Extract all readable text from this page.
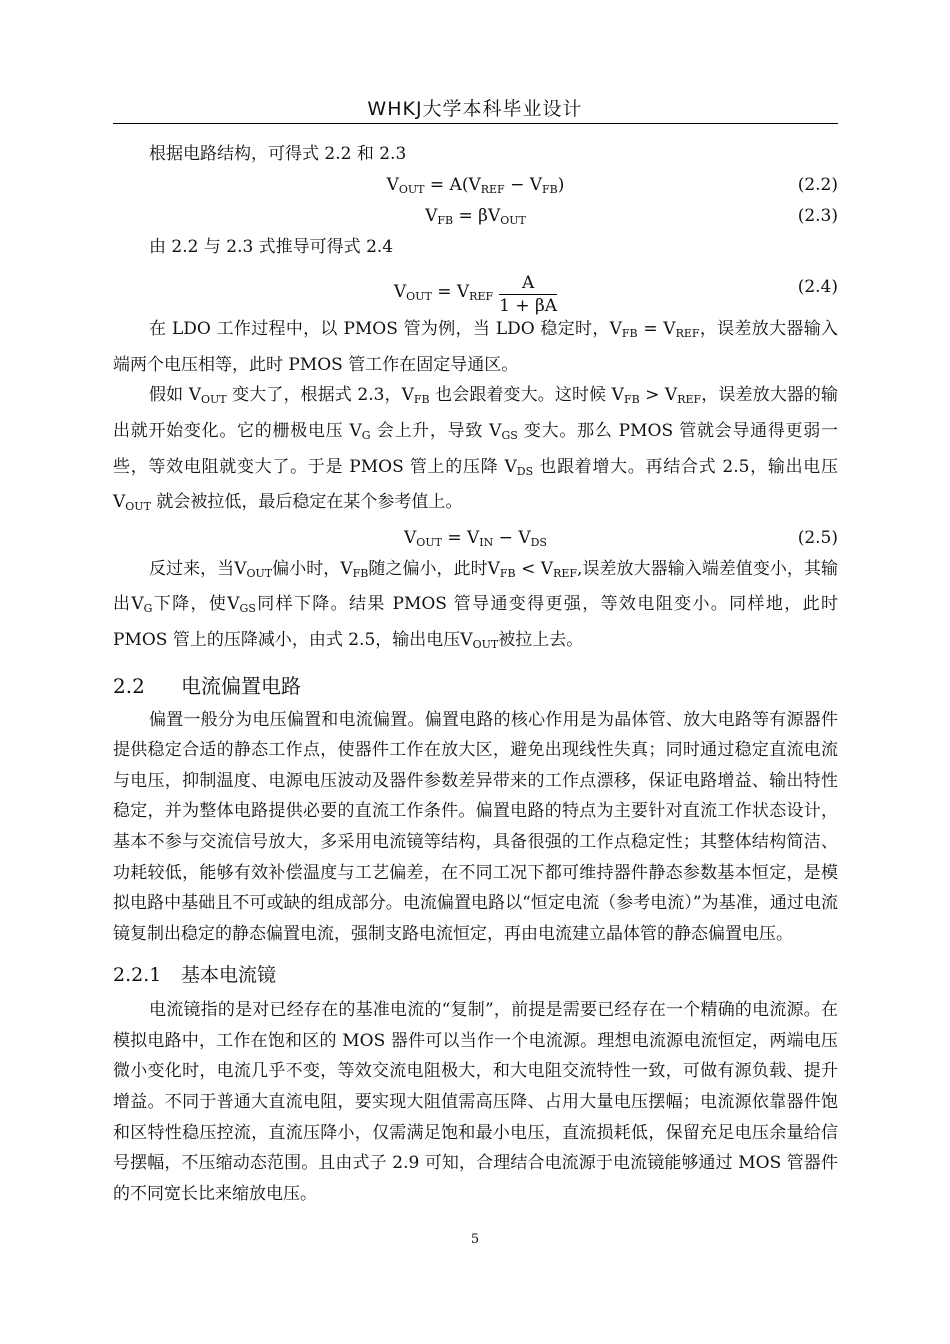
WHKJ大学本科毕业设计

根据电路结构，可得式 2.2 和 2.3

$V_{OUT} = A(V_{REF} - V_{FB})$	(2.2)
$V_{FB} = \beta V_{OUT}$	(2.3)

由 2.2 与 2.3 式推导可得式 2.4

$V_{OUT} = V_{REF} \frac{A}{1 + \beta A}$	(2.4)

在 LDO 工作过程中，以 PMOS 管为例，当 LDO 稳定时，$V_{FB} = V_{REF}$，误差放大器输入端两个电压相等，此时 PMOS 管工作在固定导通区。

假如 $V_{OUT}$ 变大了，根据式 2.3，$V_{FB}$ 也会跟着变大。这时候 $V_{FB} > V_{REF}$，误差放大器的输出就开始变化。它的栅极电压 $V_G$ 会上升，导致 $V_{GS}$ 变大。那么 PMOS 管就会导通得更弱一些，等效电阻就变大了。于是 PMOS 管上的压降 $V_{DS}$ 也跟着增大。再结合式 2.5，输出电压 $V_{OUT}$ 就会被拉低，最后稳定在某个参考值上。

$V_{OUT} = V_{IN} - V_{DS}$	(2.5)

反过来，当$V_{OUT}$偏小时，$V_{FB}$随之偏小，此时$V_{FB} < V_{REF}$,误差放大器输入端差值变小，其输出$V_G$下降，使$V_{GS}$同样下降。结果 PMOS 管导通变得更强，等效电阻变小。同样地，此时 PMOS 管上的压降减小，由式 2.5，输出电压$V_{OUT}$被拉上去。

2.2 电流偏置电路

偏置一般分为电压偏置和电流偏置。偏置电路的核心作用是为晶体管、放大电路等有源器件提供稳定合适的静态工作点，使器件工作在放大区，避免出现线性失真；同时通过稳定直流电流与电压，抑制温度、电源电压波动及器件参数差异带来的工作点漂移，保证电路增益、输出特性稳定，并为整体电路提供必要的直流工作条件。偏置电路的特点为主要针对直流工作状态设计，基本不参与交流信号放大，多采用电流镜等结构，具备很强的工作点稳定性；其整体结构简洁、功耗较低，能够有效补偿温度与工艺偏差，在不同工况下都可维持器件静态参数基本恒定，是模拟电路中基础且不可或缺的组成部分。电流偏置电路以“恒定电流（参考电流）”为基准，通过电流镜复制出稳定的静态偏置电流，强制支路电流恒定，再由电流建立晶体管的静态偏置电压。

2.2.1 基本电流镜

电流镜指的是对已经存在的基准电流的“复制”，前提是需要已经存在一个精确的电流源。在模拟电路中，工作在饱和区的 MOS 器件可以当作一个电流源。理想电流源电流恒定，两端电压微小变化时，电流几乎不变，等效交流电阻极大，和大电阻交流特性一致，可做有源负载、提升增益。不同于普通大直流电阻，要实现大阻值需高压降、占用大量电压摆幅；电流源依靠器件饱和区特性稳压控流，直流压降小，仅需满足饱和最小电压，直流损耗低，保留充足电压余量给信号摆幅，不压缩动态范围。且由式子 2.9 可知，合理结合电流源于电流镜能够通过 MOS 管器件的不同宽长比来缩放电压。

5
